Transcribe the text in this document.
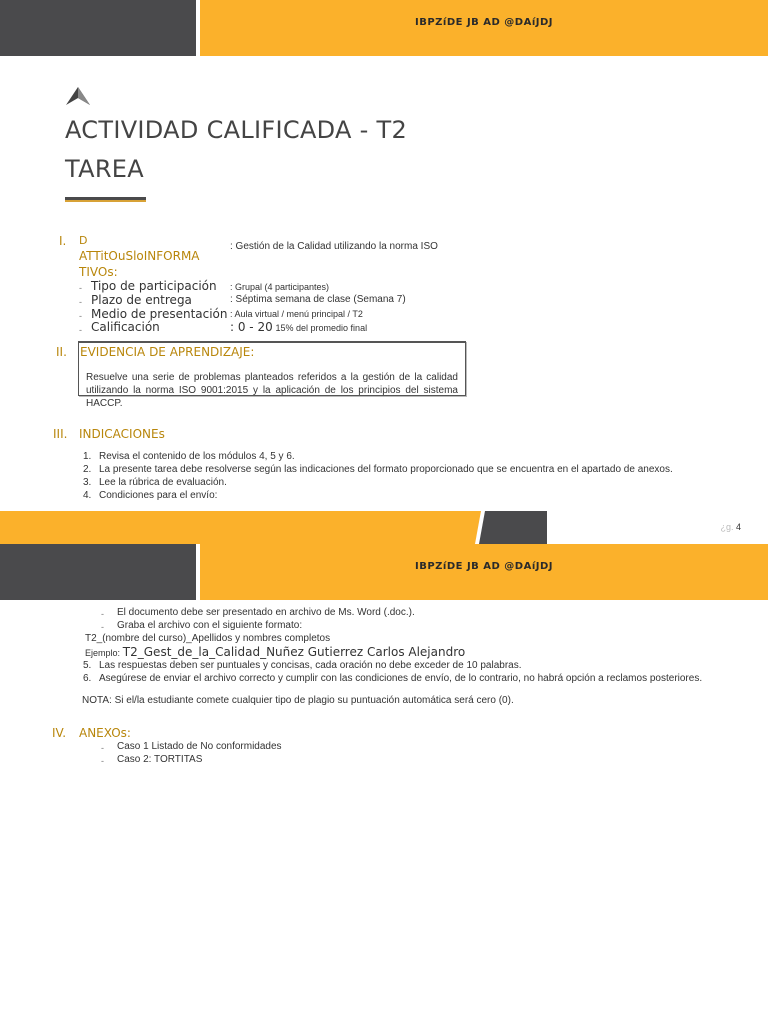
IBPZíDE JB AD @DAíJDJ
ACTIVIDAD CALIFICADA - T2
TAREA
I. D
ATTitOuSloINFORMA
TIVOs:
: Gestión de la Calidad utilizando la norma ISO
- Tipo de participación : Grupal (4 participantes)
- Plazo de entrega	: Séptima semana de clase (Semana 7)
- Medio de presentación : Aula virtual / menú principal / T2
- Calificación	: 0 - 20 15% del promedio final
II. EVIDENCIA DE APRENDIZAJE:
Resuelve una serie de problemas planteados referidos a la gestión de la calidad
utilizando la norma ISO 9001:2015 y la aplicación de los principios del sistema
HACCP.
III. INDICACIONEs
1. Revisa el contenido de los módulos 4, 5 y 6.
2. La presente tarea debe resolverse según las indicaciones del formato proporcionado que se encuentra en el apartado de anexos.
3. Lee la rúbrica de evaluación.
4. Condiciones para el envío:
¿g. 4
IBPZíDE JB AD @DAíJDJ
- El documento debe ser presentado en archivo de Ms. Word (.doc.).
- Graba el archivo con el siguiente formato:
T2_(nombre del curso)_Apellidos y nombres completos
Ejemplo: T2_Gest_de_la_Calidad_Nuñez Gutierrez Carlos Alejandro
5. Las respuestas deben ser puntuales y concisas, cada oración no debe exceder de 10 palabras.
6. Asegúrese de enviar el archivo correcto y cumplir con las condiciones de envío, de lo contrario, no habrá opción a reclamos posteriores.
NOTA: Si el/la estudiante comete cualquier tipo de plagio su puntuación automática será cero (0).
IV. ANEXOs:
- Caso 1 Listado de No conformidades
- Caso 2: TORTITAS
